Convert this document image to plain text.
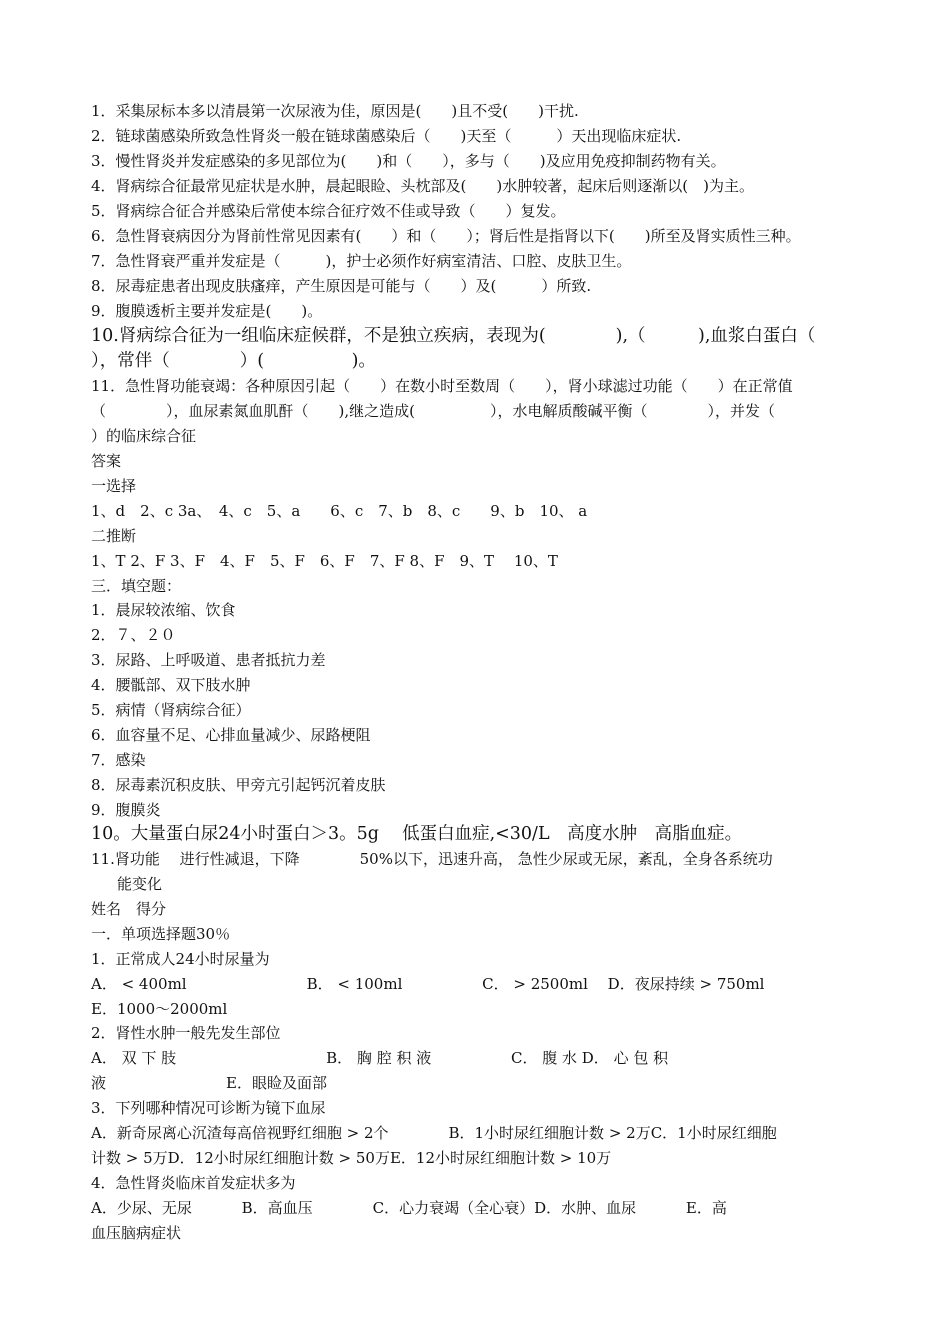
1．采集尿标本多以清晨第一次尿液为佳，原因是(　　)且不受(　　)干扰.
2．链球菌感染所致急性肾炎一般在链球菌感染后（　　)天至（　　　）天出现临床症状.
3．慢性肾炎并发症感染的多见部位为(　　)和（　　），多与（　　)及应用免疫抑制药物有关。
4．肾病综合征最常见症状是水肿，晨起眼睑、头枕部及(　　)水肿较著，起床后则逐渐以(　)为主。
5．肾病综合征合并感染后常使本综合征疗效不佳或导致（　　）复发。
6．急性肾衰病因分为肾前性常见因素有(　　）和（　　）；肾后性是指肾以下(　　)所至及肾实质性三种。
7．急性肾衰严重并发症是（　　　)，护士必须作好病室清洁、口腔、皮肤卫生。
8．尿毒症患者出现皮肤瘙痒，产生原因是可能与（　　）及(　　　）所致.
9．腹膜透析主要并发症是(　　)。
10.肾病综合征为一组临床症候群，不是独立疾病，表现为(　　　　),（　　　),血浆白蛋白（
），常伴（　　　　）(　　　　　)。
11．急性肾功能衰竭：各种原因引起（　　）在数小时至数周（　　），肾小球滤过功能（　　）在正常值
（　　　　），血尿素氮血肌酐（　　),继之造成(　　　　　），水电解质酸碱平衡（　　　　），并发（
）的临床综合征
答案
一选择
1、d　2、c 3a、　4、c　5、a　　6、c　7、b　8、c　　9、b　10、 a
二推断
1、T 2、F 3、F　4、F　5、F　6、F　7、F 8、F　9、T　 10、T
三．填空题：
1．晨尿较浓缩、饮食
2．７、２０
3．尿路、上呼吸道、患者抵抗力差
4．腰骶部、双下肢水肿
5．病情（肾病综合征）
6．血容量不足、心排血量减少、尿路梗阻
7．感染
8．尿毒素沉积皮肤、甲旁亢引起钙沉着皮肤
9．腹膜炎
10。大量蛋白尿24小时蛋白＞3。5g　 低蛋白血症,<30/L　高度水肿　高脂血症。
11.肾功能　 进行性减退，下降　　　　50%以下，迅速升高， 急性少尿或无尿，紊乱，全身各系统功
能变化
姓名　得分
一．单项选择题30％
1．正常成人24小时尿量为
A． < 400ml　　　　　　　　B． < 100ml　　　　　 C． > 2500ml　 D．夜尿持续 > 750ml
E．1000～2000ml
2．肾性水肿一般先发生部位
A． 双 下 肢　　　　　　　　　　B． 胸 腔 积 液　　　　　 C． 腹 水 D． 心 包 积
液　　　　　　　　E．眼睑及面部
3．下列哪种情况可诊断为镜下血尿
A．新奇尿离心沉渣每高倍视野红细胞 > 2个　　　　B．1小时尿红细胞计数 > 2万C．1小时尿红细胞
计数 > 5万D．12小时尿红细胞计数 > 50万E．12小时尿红细胞计数 > 10万
4．急性肾炎临床首发症状多为
A．少尿、无尿　　　 B．高血压　　　　C．心力衰竭（全心衰）D．水肿、血尿　　　 E．高
血压脑病症状
